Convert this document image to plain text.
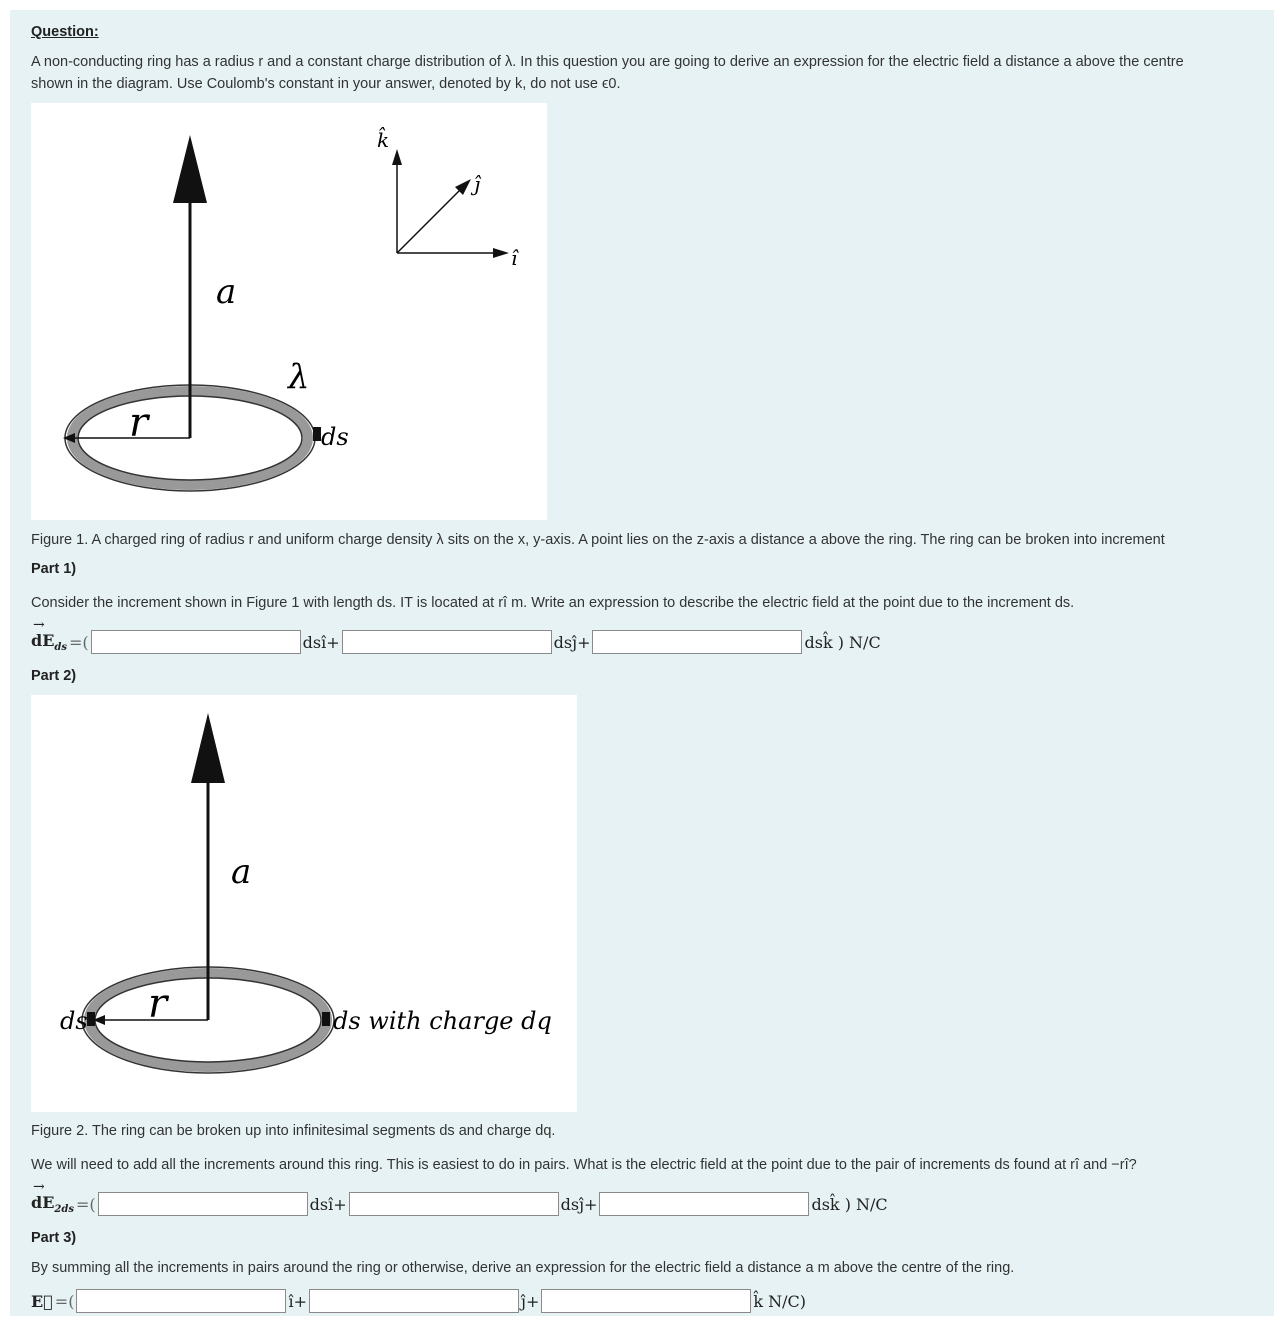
Question:
A non-conducting ring has a radius r and a constant charge distribution of λ. In this question you are going to derive an expression for the electric field a distance a above the centre
shown in the diagram. Use Coulomb's constant in your answer, denoted by k, do not use ϵ0.
k̂
ĵ
î
a
λ
r	ds
Figure 1. A charged ring of radius r and uniform charge density λ sits on the x, y-axis. A point lies on the z-axis a distance a above the ring. The ring can be broken into increment
Part 1)
Consider the increment shown in Figure 1 with length ds. IT is located at rî m. Write an expression to describe the electric field at the point due to the increment ds.
→
$dE_{ds}$ =(	dsî+	dsĵ+	dsk̂ ) N/C
Part 2)
a
r
ds	ds with charge dq
Figure 2. The ring can be broken up into infinitesimal segments ds and charge dq.
We will need to add all the increments around this ring. This is easiest to do in pairs. What is the electric field at the point due to the pair of increments ds found at rî and −rî?
→
$dE_{2ds}$ =(	dsî+	dsĵ+	dsk̂ ) N/C
Part 3)
By summing all the increments in pairs around the ring or otherwise, derive an expression for the electric field a distance a m above the centre of the ring.
E⃗ =(	î+	ĵ+	k̂ N/C)
